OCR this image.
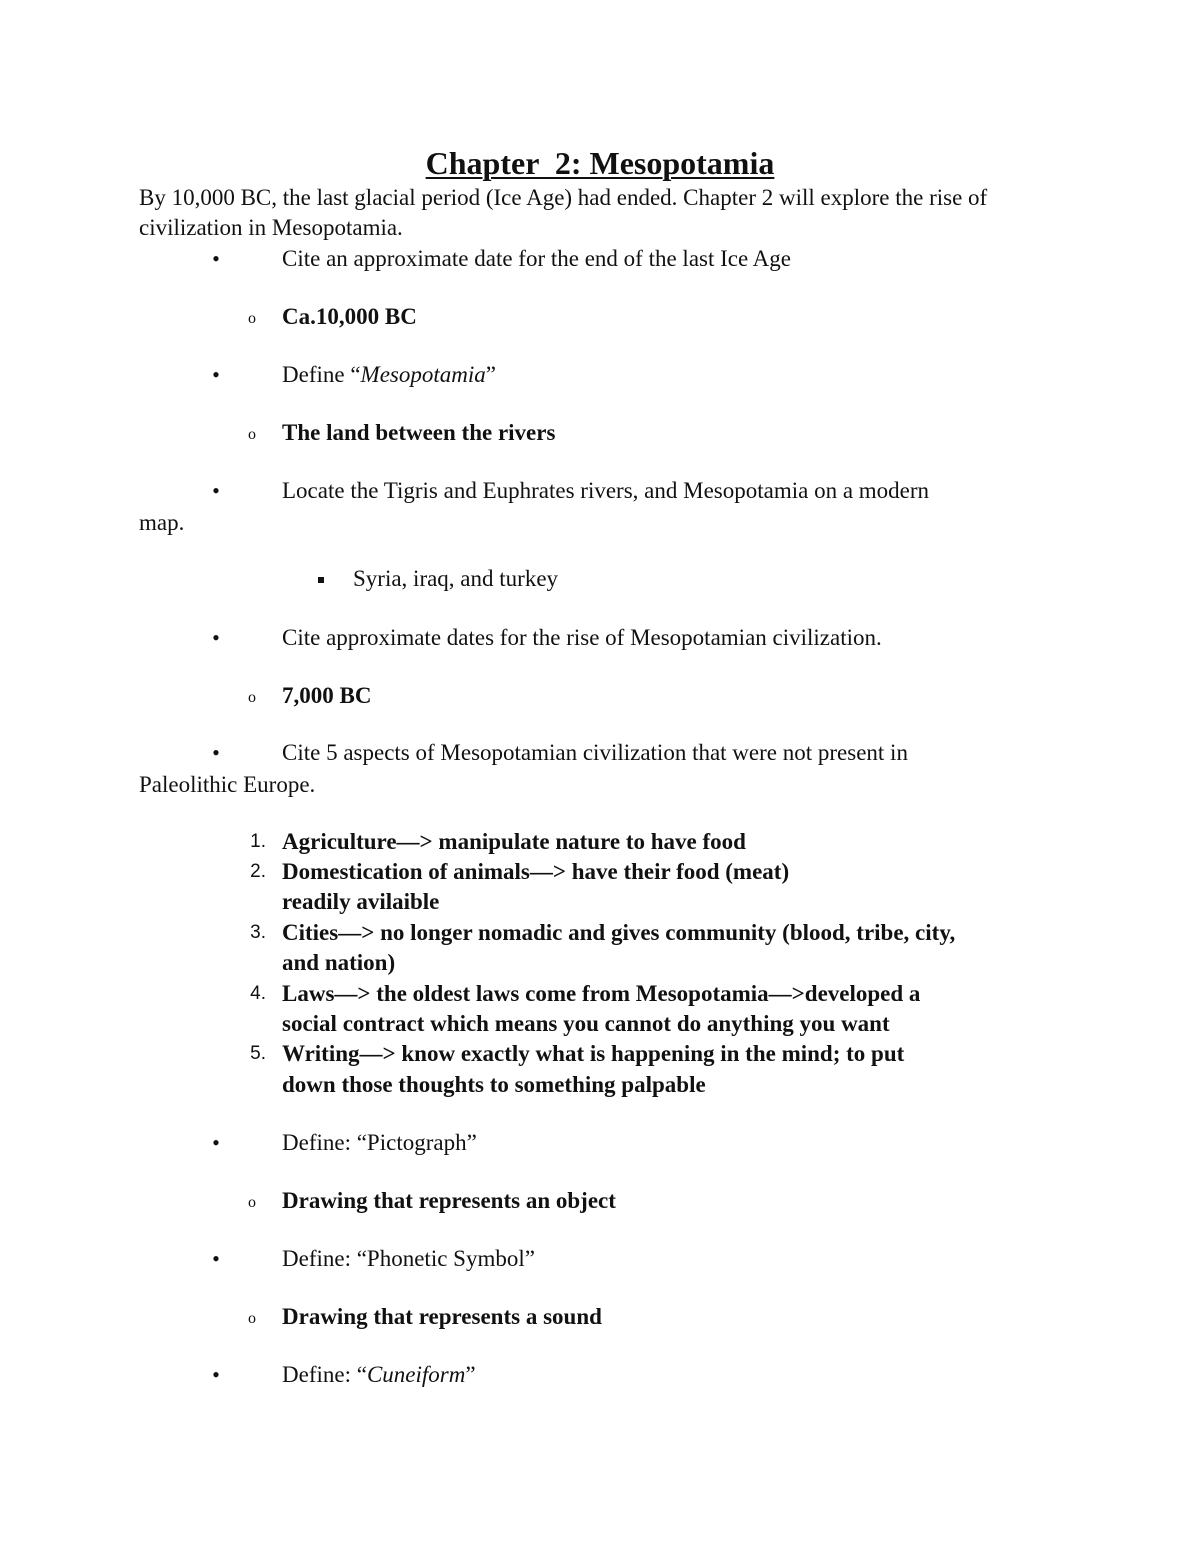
Chapter  2: Mesopotamia
By 10,000 BC, the last glacial period (Ice Age) had ended. Chapter 2 will explore the rise of civilization in Mesopotamia.
•	Cite an approximate date for the end of the last Ice Age
o Ca.10,000 BC
•	Define “Mesopotamia”
o The land between the rivers
•	Locate the Tigris and Euphrates rivers, and Mesopotamia on a modern
map.
Syria, iraq, and turkey
•	Cite approximate dates for the rise of Mesopotamian civilization.
o 7,000 BC
•	Cite 5 aspects of Mesopotamian civilization that were not present in
Paleolithic Europe.
1. Agriculture—> manipulate nature to have food
2. Domestication of animals—> have their food (meat)
readily avilaible
3. Cities—> no longer nomadic and gives community (blood, tribe, city,
and nation)
4. Laws—> the oldest laws come from Mesopotamia—>developed a
social contract which means you cannot do anything you want
5. Writing—> know exactly what is happening in the mind; to put
down those thoughts to something palpable
•	Define: “Pictograph”
o Drawing that represents an object
•	Define: “Phonetic Symbol”
o Drawing that represents a sound
•	Define: “Cuneiform”
